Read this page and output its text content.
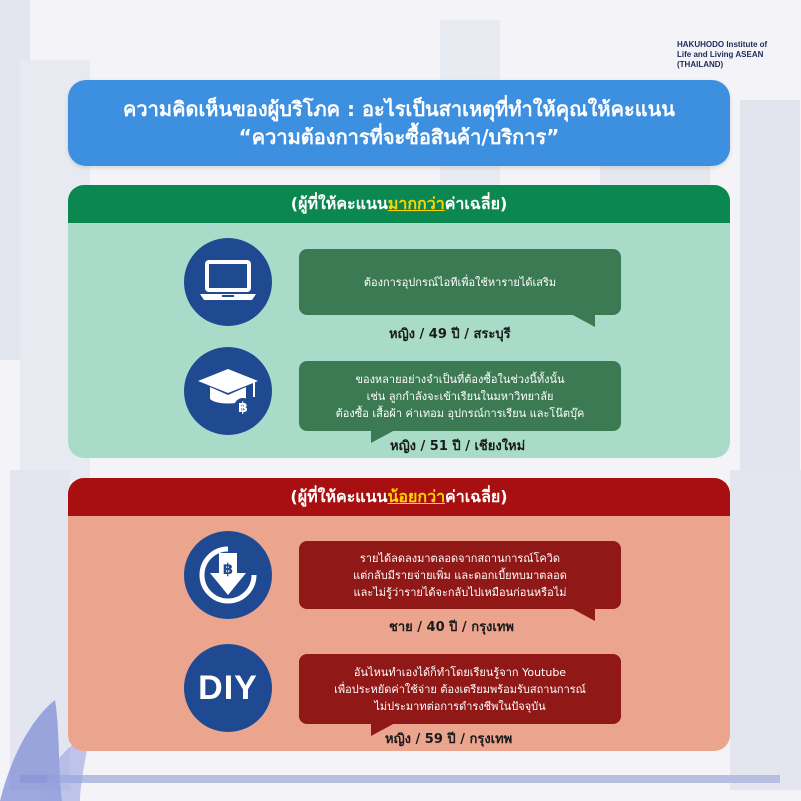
HAKUHODO Institute of
Life and Living ASEAN
(THAILAND)
ความคิดเห็นของผู้บริโภค : อะไรเป็นสาเหตุที่ทำให้คุณให้คะแนน
“ความต้องการที่จะซื้อสินค้า/บริการ”
(ผู้ที่ให้คะแนน มากกว่า ค่าเฉลี่ย)
ต้องการอุปกรณ์ไอทีเพื่อใช้หารายได้เสริม
หญิง / 49 ปี / สระบุรี
฿
ของหลายอย่างจำเป็นที่ต้องซื้อในช่วงนี้ทั้งนั้น
เช่น ลูกกำลังจะเข้าเรียนในมหาวิทยาลัย
ต้องซื้อ เสื้อผ้า ค่าเทอม อุปกรณ์การเรียน และโน๊ตบุ๊ค
หญิง / 51 ปี / เชียงใหม่
(ผู้ที่ให้คะแนน น้อยกว่า ค่าเฉลี่ย)
฿
รายได้ลดลงมาตลอดจากสถานการณ์โควิด
แต่กลับมีรายจ่ายเพิ่ม และดอกเบี้ยทบมาตลอด
และไม่รู้ว่ารายได้จะกลับไปเหมือนก่อนหรือไม่
ชาย / 40 ปี / กรุงเทพ
DIY	อันไหนทำเองได้ก็ทำโดยเรียนรู้จาก Youtube
เพื่อประหยัดค่าใช้จ่าย ต้องเตรียมพร้อมรับสถานการณ์
ไม่ประมาทต่อการดำรงชีพในปัจจุบัน
หญิง / 59 ปี / กรุงเทพ
